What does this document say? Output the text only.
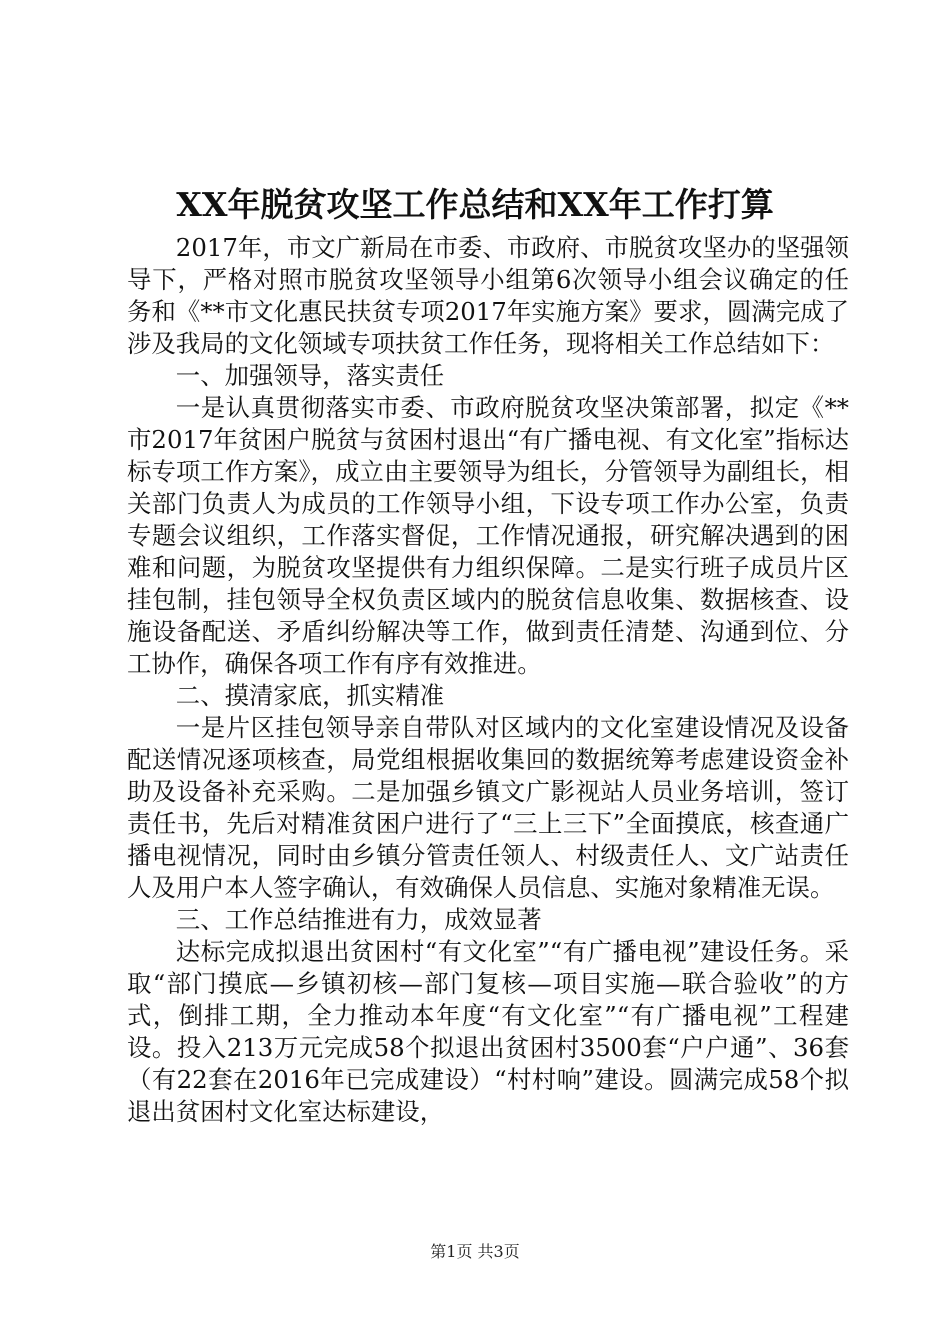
XX年脱贫攻坚工作总结和XX年工作打算

2017年，市文广新局在市委、市政府、市脱贫攻坚办的坚强领导下，严格对照市脱贫攻坚领导小组第6次领导小组会议确定的任务和《**市文化惠民扶贫专项2017年实施方案》要求，圆满完成了涉及我局的文化领域专项扶贫工作任务，现将相关工作总结如下：

一、加强领导，落实责任

一是认真贯彻落实市委、市政府脱贫攻坚决策部署，拟定《**市2017年贫困户脱贫与贫困村退出“有广播电视、有文化室”指标达标专项工作方案》，成立由主要领导为组长，分管领导为副组长，相关部门负责人为成员的工作领导小组，下设专项工作办公室，负责专题会议组织，工作落实督促，工作情况通报，研究解决遇到的困难和问题，为脱贫攻坚提供有力组织保障。二是实行班子成员片区挂包制，挂包领导全权负责区域内的脱贫信息收集、数据核查、设施设备配送、矛盾纠纷解决等工作，做到责任清楚、沟通到位、分工协作，确保各项工作有序有效推进。

二、摸清家底，抓实精准

一是片区挂包领导亲自带队对区域内的文化室建设情况及设备配送情况逐项核查，局党组根据收集回的数据统筹考虑建设资金补助及设备补充采购。二是加强乡镇文广影视站人员业务培训，签订责任书，先后对精准贫困户进行了“三上三下”全面摸底，核查通广播电视情况，同时由乡镇分管责任领人、村级责任人、文广站责任人及用户本人签字确认，有效确保人员信息、实施对象精准无误。

三、工作总结推进有力，成效显著

达标完成拟退出贫困村“有文化室”“有广播电视”建设任务。采取“部门摸底—乡镇初核—部门复核—项目实施—联合验收”的方式，倒排工期，全力推动本年度“有文化室”“有广播电视”工程建设。投入213万元完成58个拟退出贫困村3500套“户户通”、36套（有22套在2016年已完成建设）“村村响”建设。圆满完成58个拟退出贫困村文化室达标建设，

第1页 共3页
